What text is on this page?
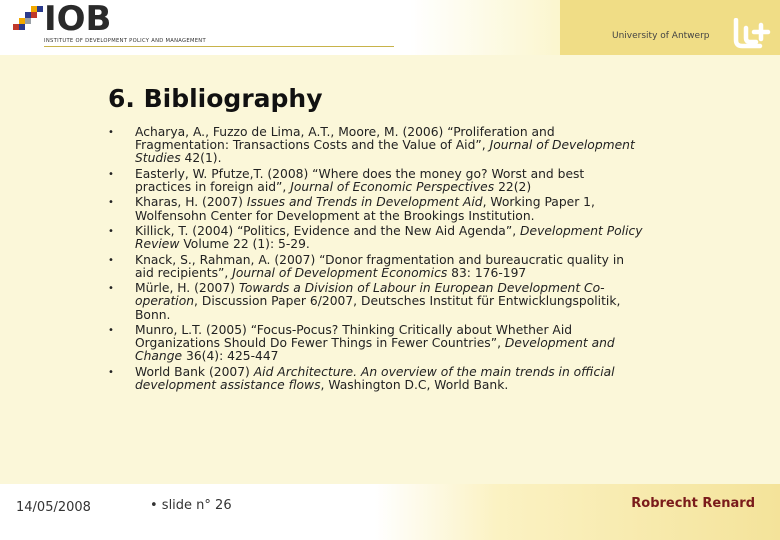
IOB
INSTITUTE OF DEVELOPMENT POLICY AND MANAGEMENT	University of Antwerp
6. Bibliography
•	Acharya, A., Fuzzo de Lima, A.T., Moore, M. (2006) “Proliferation and
Fragmentation: Transactions Costs and the Value of Aid”, Journal of Development
Studies 42(1).
•	Easterly, W. Pfutze,T. (2008) “Where does the money go? Worst and best
practices in foreign aid”, Journal of Economic Perspectives 22(2)
•	Kharas, H. (2007) Issues and Trends in Development Aid, Working Paper 1,
Wolfensohn Center for Development at the Brookings Institution.
•	Killick, T. (2004) “Politics, Evidence and the New Aid Agenda”, Development Policy
Review Volume 22 (1): 5-29.
•	Knack, S., Rahman, A. (2007) “Donor fragmentation and bureaucratic quality in
aid recipients”, Journal of Development Economics 83: 176-197
•	Mürle, H. (2007) Towards a Division of Labour in European Development Co-
operation, Discussion Paper 6/2007, Deutsches Institut für Entwicklungspolitik,
Bonn.
•	Munro, L.T. (2005) “Focus-Pocus? Thinking Critically about Whether Aid
Organizations Should Do Fewer Things in Fewer Countries”, Development and
Change 36(4): 425-447
•	World Bank (2007) Aid Architecture. An overview of the main trends in official
development assistance flows, Washington D.C, World Bank.
14/05/2008	• slide n° 26	Robrecht Renard
